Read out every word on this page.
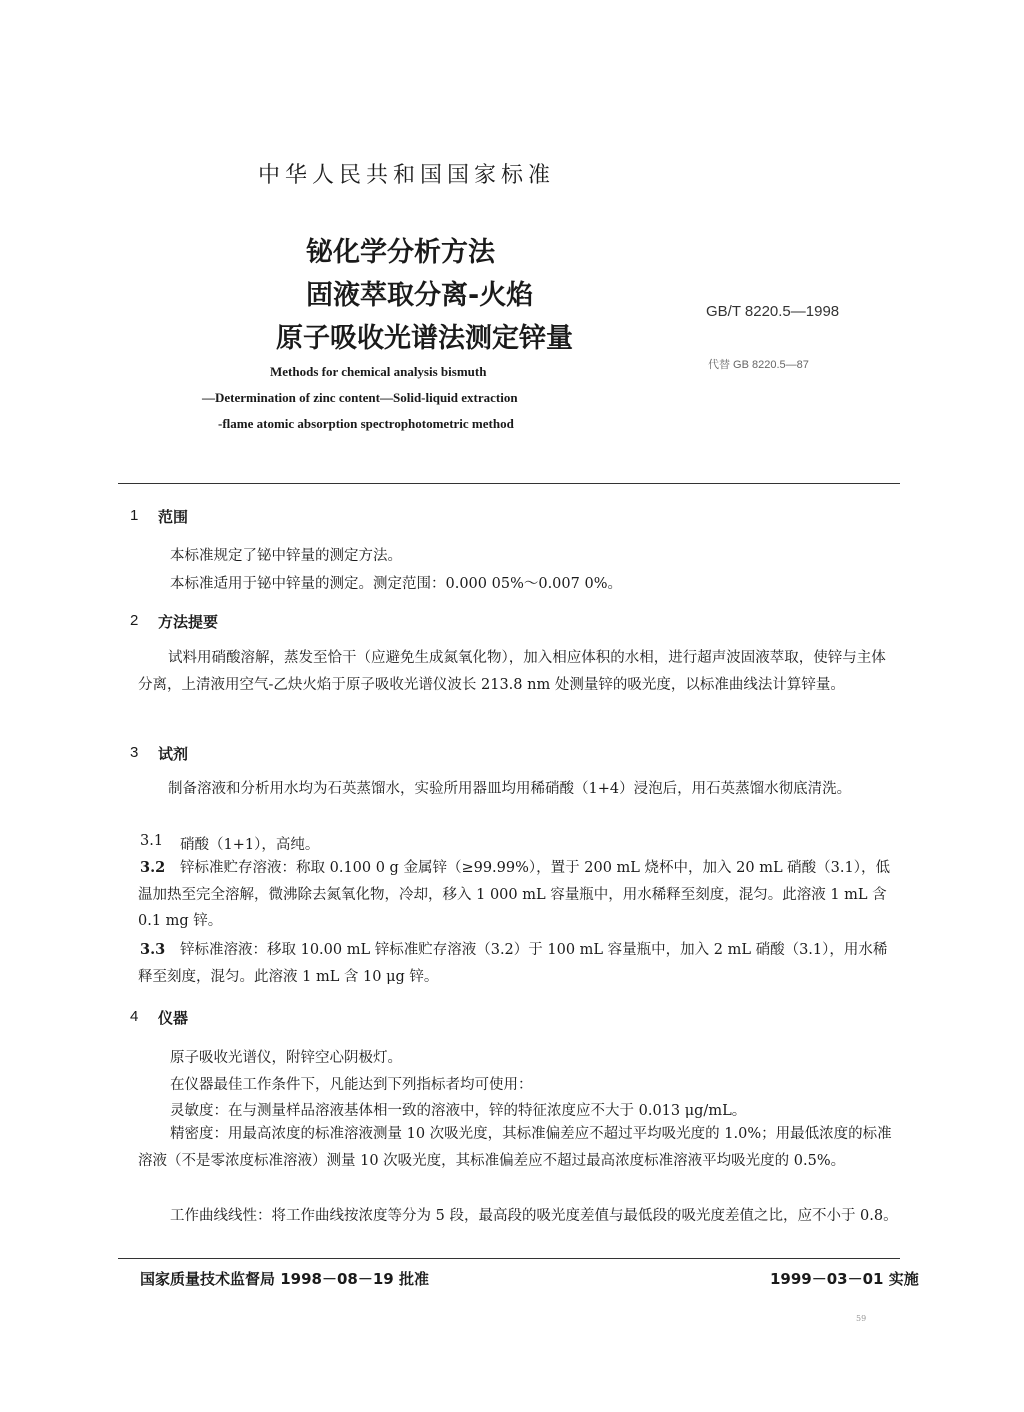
中华人民共和国国家标准
铋化学分析方法
固液萃取分离-火焰
原子吸收光谱法测定锌量
GB/T 8220.5—1998
代替 GB 8220.5—87
Methods for chemical analysis bismuth
—Determination of zinc content—Solid-liquid extraction
-flame atomic absorption spectrophotometric method
1 范围
本标准规定了铋中锌量的测定方法。
本标准适用于铋中锌量的测定。测定范围：0.000 05%～0.007 0%。
2 方法提要
试料用硝酸溶解，蒸发至恰干（应避免生成氮氧化物），加入相应体积的水相，进行超声波固液萃取，使锌与主体分离，上清液用空气-乙炔火焰于原子吸收光谱仪波长 213.8 nm 处测量锌的吸光度，以标准曲线法计算锌量。
3 试剂
制备溶液和分析用水均为石英蒸馏水，实验所用器皿均用稀硝酸（1+4）浸泡后，用石英蒸馏水彻底清洗。
3.1 硝酸（1+1），高纯。
3.2	锌标准贮存溶液：称取 0.100 0 g 金属锌（≥99.99%），置于 200 mL 烧杯中，加入 20 mL 硝酸（3.1），低温加热至完全溶解，微沸除去氮氧化物，冷却，移入 1 000 mL 容量瓶中，用水稀释至刻度，混匀。此溶液 1 mL 含 0.1 mg 锌。
3.3	锌标准溶液：移取 10.00 mL 锌标准贮存溶液（3.2）于 100 mL 容量瓶中，加入 2 mL 硝酸（3.1），用水稀释至刻度，混匀。此溶液 1 mL 含 10 μg 锌。
4 仪器
原子吸收光谱仪，附锌空心阴极灯。
在仪器最佳工作条件下，凡能达到下列指标者均可使用：
灵敏度：在与测量样品溶液基体相一致的溶液中，锌的特征浓度应不大于 0.013 μg/mL。
精密度：用最高浓度的标准溶液测量 10 次吸光度，其标准偏差应不超过平均吸光度的 1.0%；用最低浓度的标准溶液（不是零浓度标准溶液）测量 10 次吸光度，其标准偏差应不超过最高浓度标准溶液平均吸光度的 0.5%。
工作曲线线性：将工作曲线按浓度等分为 5 段，最高段的吸光度差值与最低段的吸光度差值之比，应不小于 0.8。
国家质量技术监督局 1998－08－19 批准	1999－03－01 实施
59
